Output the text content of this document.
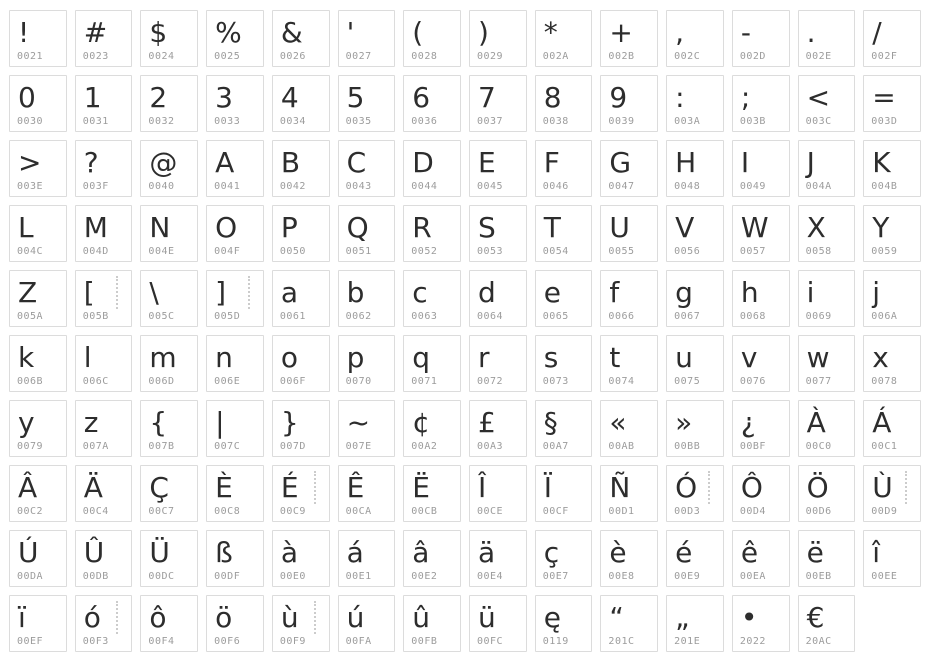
!
0021
#
0023
$
0024
%
0025
&
0026
'
0027
(
0028
)
0029
*
002A
+
002B
,
002C
-
002D
.
002E
/
002F
0
0030
1
0031
2
0032
3
0033
4
0034
5
0035
6
0036
7
0037
8
0038
9
0039
:
003A
;
003B
<
003C
=
003D
>
003E
?
003F
@
0040
A
0041
B
0042
C
0043
D
0044
E
0045
F
0046
G
0047
H
0048
I
0049
J
004A
K
004B
L
004C
M
004D
N
004E
O
004F
P
0050
Q
0051
R
0052
S
0053
T
0054
U
0055
V
0056
W
0057
X
0058
Y
0059
Z
005A
[
005B
\
005C
]
005D
a
0061
b
0062
c
0063
d
0064
e
0065
f
0066
g
0067
h
0068
i
0069
j
006A
k
006B
l
006C
m
006D
n
006E
o
006F
p
0070
q
0071
r
0072
s
0073
t
0074
u
0075
v
0076
w
0077
x
0078
y
0079
z
007A
{
007B
|
007C
}
007D
~
007E
¢
00A2
£
00A3
§
00A7
«
00AB
»
00BB
¿
00BF
À
00C0
Á
00C1
Â
00C2
Ä
00C4
Ç
00C7
È
00C8
É
00C9
Ê
00CA
Ë
00CB
Î
00CE
Ï
00CF
Ñ
00D1
Ó
00D3
Ô
00D4
Ö
00D6
Ù
00D9
Ú
00DA
Û
00DB
Ü
00DC
ß
00DF
à
00E0
á
00E1
â
00E2
ä
00E4
ç
00E7
è
00E8
é
00E9
ê
00EA
ë
00EB
î
00EE
ï
00EF
ó
00F3
ô
00F4
ö
00F6
ù
00F9
ú
00FA
û
00FB
ü
00FC
ę
0119
“
201C
„
201E
•
2022
€
20AC
